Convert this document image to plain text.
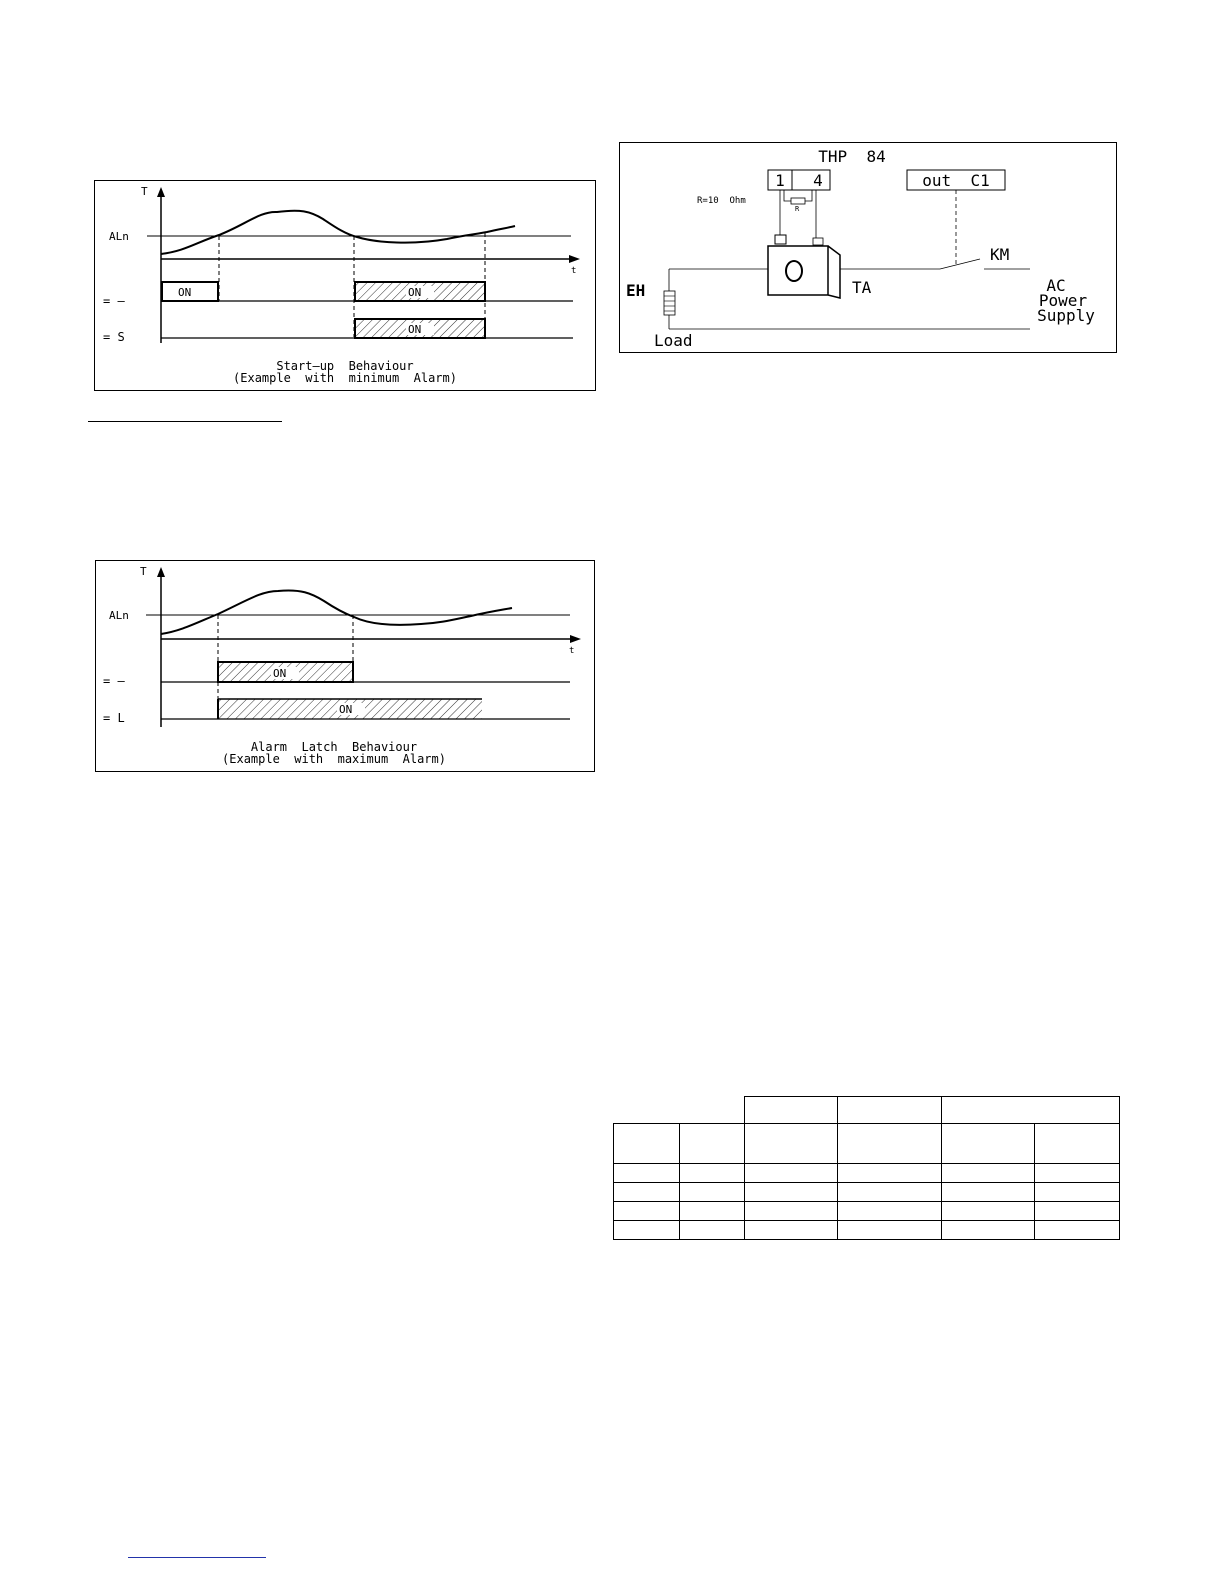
T
t
ALn
= –
ON	ON
= S
ON
Start–up  Behaviour
(Example  with  minimum  Alarm)
T
t
ALn
= –
ON
= L
ON
Alarm  Latch  Behaviour
(Example  with  maximum  Alarm)
THP  84
1 4	out  C1
R=10  Ohm
R
TA
KM
EH
Load
AC
Power
Supply
